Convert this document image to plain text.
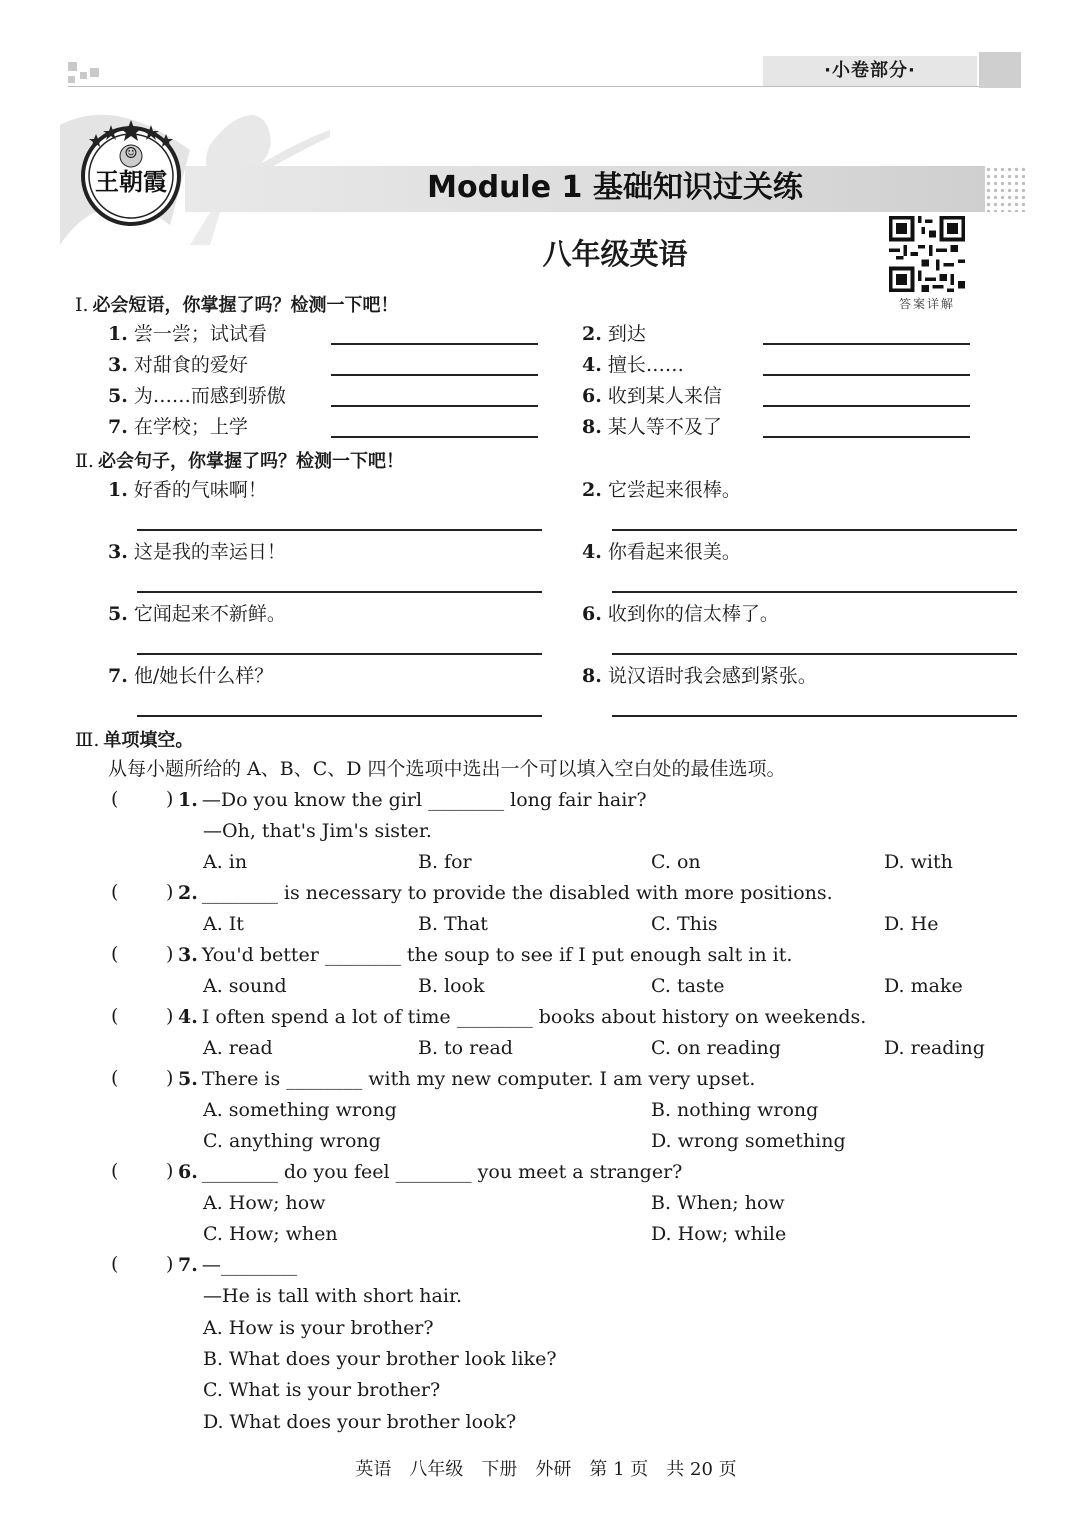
·小卷部分·
☺
王朝霞	Module 1 基础知识过关练
八年级英语
答案详解
Ⅰ. 必会短语，你掌握了吗？检测一下吧！
1. 尝一尝；试试看	2. 到达
3. 对甜食的爱好	4. 擅长……
5. 为……而感到骄傲	6. 收到某人来信
7. 在学校；上学	8. 某人等不及了
Ⅱ. 必会句子，你掌握了吗？检测一下吧！
1. 好香的气味啊！	2. 它尝起来很棒。
3. 这是我的幸运日！	4. 你看起来很美。
5. 它闻起来不新鲜。	6. 收到你的信太棒了。
7. 他/她长什么样？	8. 说汉语时我会感到紧张。
Ⅲ. 单项填空。
从每小题所给的 A、B、C、D 四个选项中选出一个可以填入空白处的最佳选项。
(	) 1. —Do you know the girl ________ long fair hair?
—Oh, that's Jim's sister.
A. in	B. for	C. on	D. with
(	) 2. ________ is necessary to provide the disabled with more positions.
A. It	B. That	C. This	D. He
(	) 3. You'd better ________ the soup to see if I put enough salt in it.
A. sound	B. look	C. taste	D. make
(	) 4. I often spend a lot of time ________ books about history on weekends.
A. read	B. to read	C. on reading	D. reading
(	) 5. There is ________ with my new computer. I am very upset.
A. something wrong	B. nothing wrong
C. anything wrong	D. wrong something
(	) 6. ________ do you feel ________ you meet a stranger?
A. How; how	B. When; how
C. How; when	D. How; while
(	) 7. —________
—He is tall with short hair.
A. How is your brother?
B. What does your brother look like?
C. What is your brother?
D. What does your brother look?
英语　八年级　下册　外研　第 1 页　共 20 页
